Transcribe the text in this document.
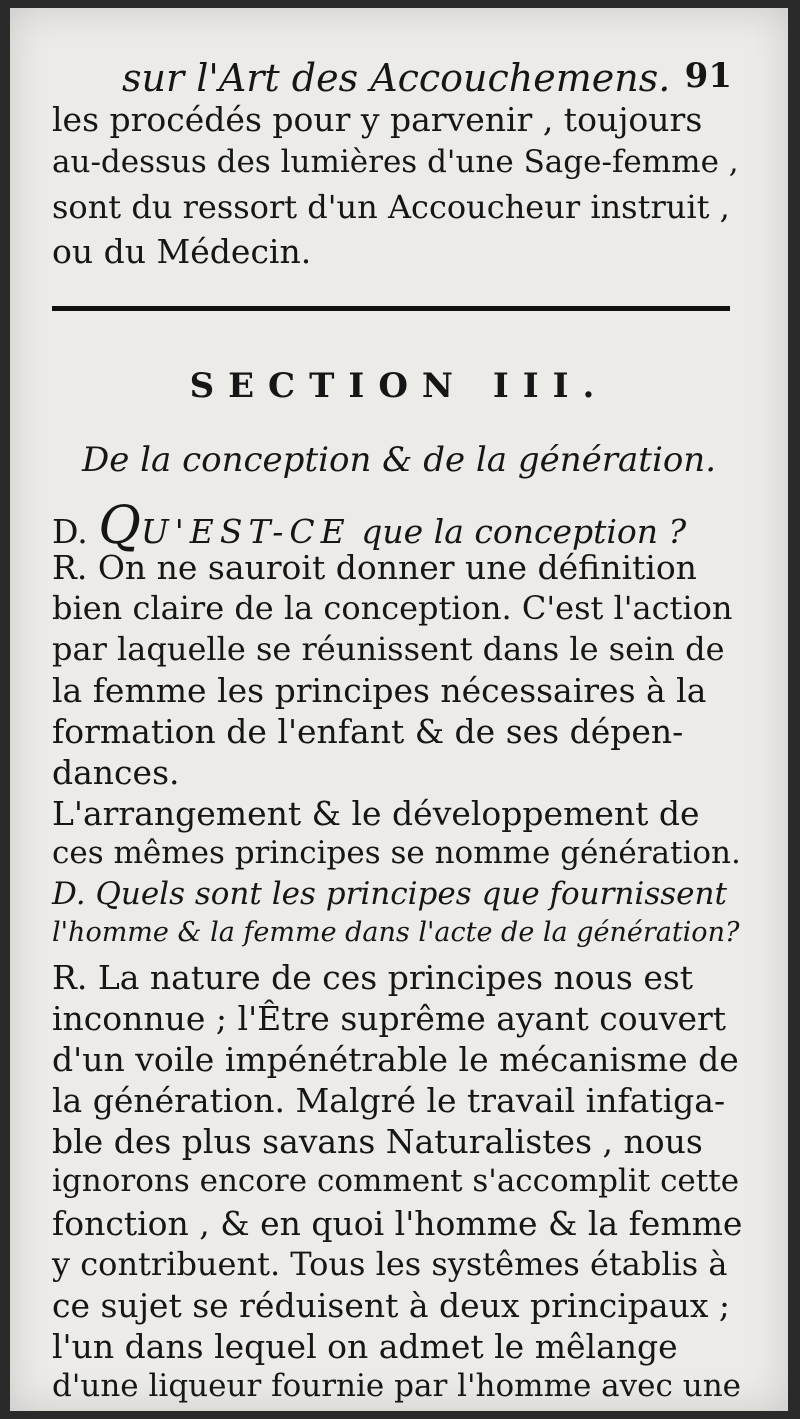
sur l'Art des Accouchemens. 91
les procédés pour y parvenir , toujours
au-dessus des lumières d'une Sage-femme ,
sont du ressort d'un Accoucheur instruit ,
ou du Médecin.
SECTION III.
De la conception & de la génération.
D. QU'EST-CE que la conception ?
R. On ne sauroit donner une définition
bien claire de la conception. C'est l'action
par laquelle se réunissent dans le sein de
la femme les principes nécessaires à la
formation de l'enfant & de ses dépen-
dances.
L'arrangement & le développement de
ces mêmes principes se nomme génération.
D. Quels sont les principes que fournissent
l'homme & la femme dans l'acte de la génération?
R. La nature de ces principes nous est
inconnue ; l'Être suprême ayant couvert
d'un voile impénétrable le mécanisme de
la génération. Malgré le travail infatiga-
ble des plus savans Naturalistes , nous
ignorons encore comment s'accomplit cette
fonction , & en quoi l'homme & la femme
y contribuent. Tous les systêmes établis à
ce sujet se réduisent à deux principaux ;
l'un dans lequel on admet le mêlange
d'une liqueur fournie par l'homme avec une
